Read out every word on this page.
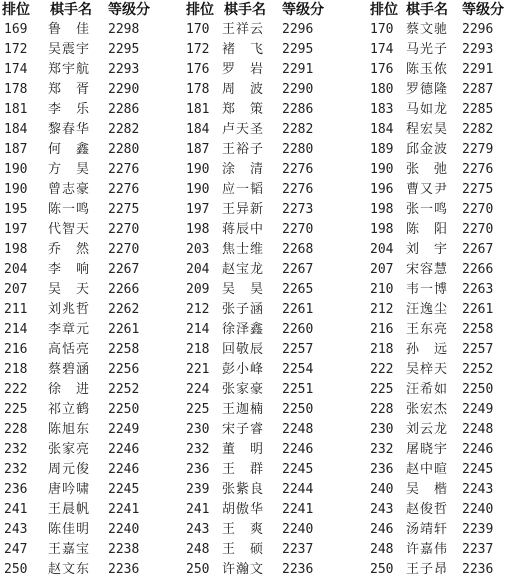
排位	棋手名	等级分
169	鲁　佳	2298
172	吴震宇	2295
174	郑宇航	2293
178	郑　胥	2290
181	李　乐	2286
184	黎春华	2282
187	何　鑫	2280
190	方　昊	2276
190	曾志豪	2276
195	陈一鸣	2275
197	代智天	2270
198	乔　然	2270
204	李　响	2267
207	吴　天	2266
211	刘兆哲	2262
214	李章元	2261
216	高恬亮	2258
218	蔡碧涵	2256
222	徐　进	2252
225	祁立鹤	2250
228	陈旭东	2249
232	张家亮	2246
232	周元俊	2246
236	唐吟啸	2245
241	王晨帆	2241
243	陈佳明	2240
247	王嘉宝	2238
250	赵文东	2236
排位 棋手名	等级分
170 王祥云	2296
172 褚　飞	2295
176 罗　岩	2291
178 周　波	2290
181 郑　策	2286
184 卢天圣	2282
187 王裕子	2280
190 涂　清	2276
190 应一韬	2276
197 王异新	2273
198 蒋辰中	2270
203 焦士维	2268
204 赵宝龙	2267
209 吴　昊	2265
212 张子涵	2261
214 徐泽鑫	2260
218 回敬辰	2257
221 彭小峰	2254
224 张家豪	2251
225 王迦楠	2250
230 宋子睿	2248
232 董　明	2246
236 王　群	2245
239 张紫良	2244
241 胡傲华	2241
243 王　爽	2240
248 王　硕	2237
250 许瀚文	2236
排位 棋手名	等级分
170 蔡文驰	2296
174 马光子	2293
176 陈玉侬	2291
180 罗德隆	2287
183 马如龙	2285
184 程宏昊	2282
189 邱金波	2279
190 张　弛	2276
196 曹又尹	2275
198 张一鸣	2270
198 陈　阳	2270
204 刘　宇	2267
207 宋容慧	2266
210 韦一博	2263
212 汪逸尘	2261
216 王东亮	2258
218 孙　远	2257
222 吴梓天	2252
225 汪希如	2250
228 张宏杰	2249
230 刘云龙	2248
232 屠晓宇	2246
236 赵中暄	2245
240 吴　楷	2243
243 赵俊哲	2240
246 汤靖轩	2239
248 许嘉伟	2237
250 王子昂	2236
